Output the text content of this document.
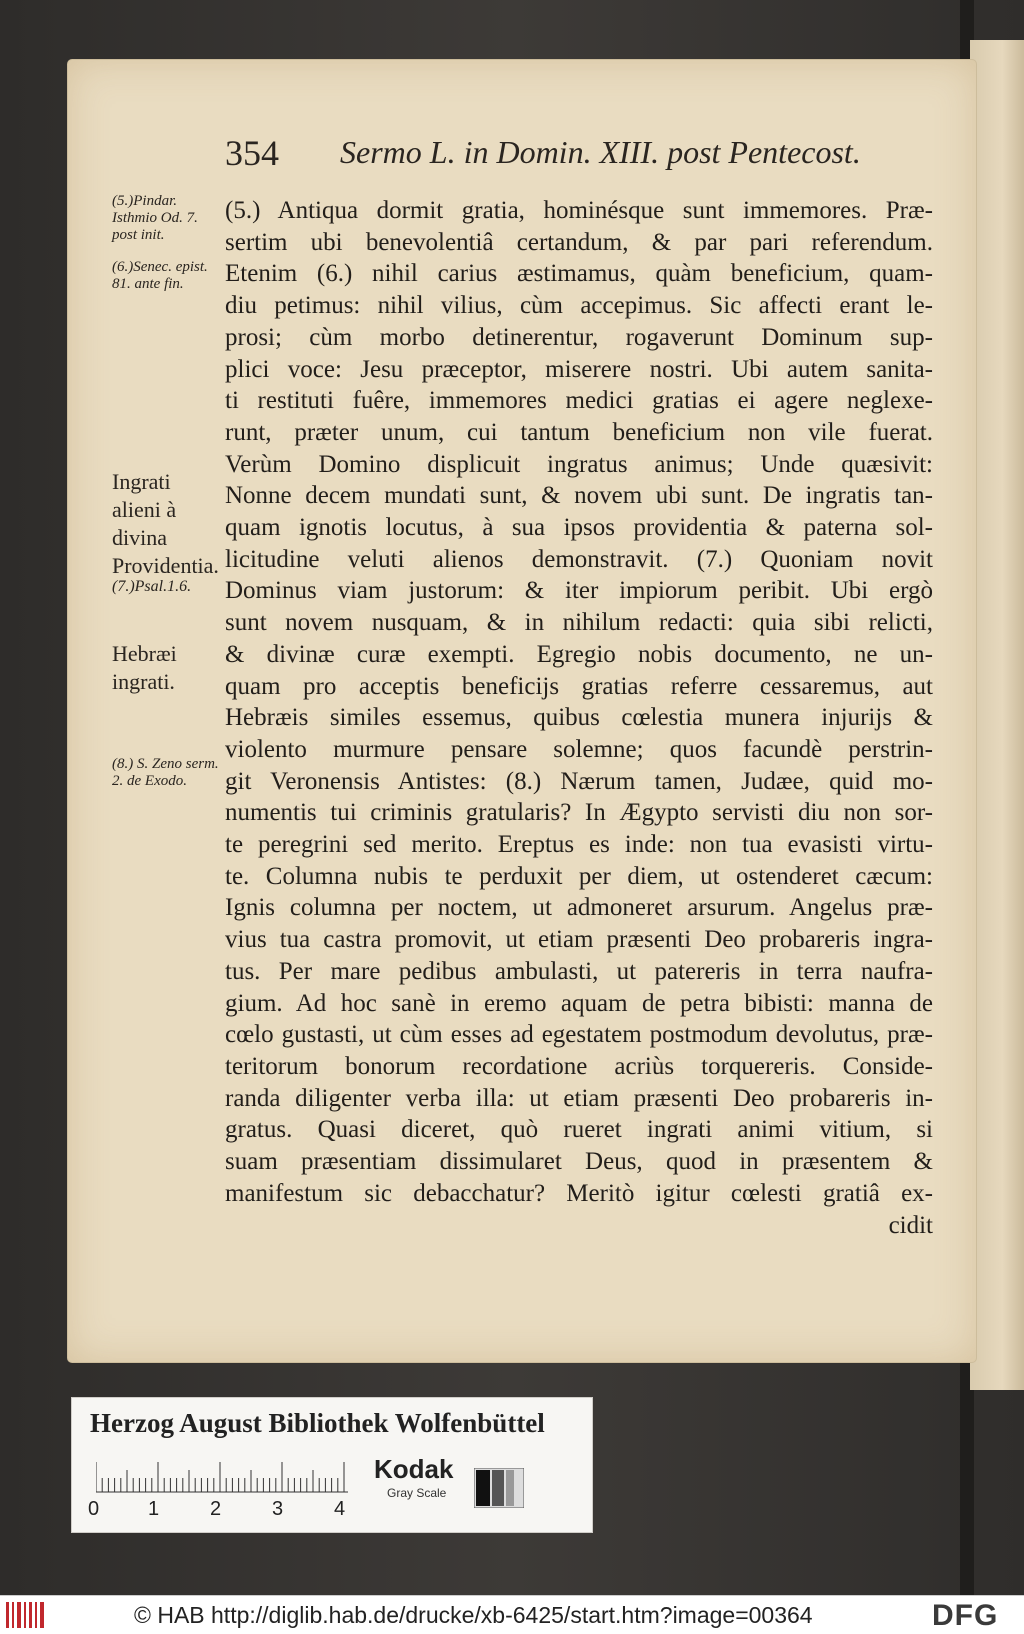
354 Sermo L. in Domin. XIII. post Pentecost.
(5.)Pindar. Isthmio Od. 7. post init.
(6.)Senec. epist. 81. ante fin.
Ingrati alieni à divina Providentia.
(7.)Psal.1.6.
Hebræi ingrati.
(8.) S. Zeno serm. 2. de Exodo.
(5.) Antiqua dormit gratia, hominésque sunt immemores. Præ-
sertim ubi benevolentiâ certandum, & par pari referendum.
Etenim (6.) nihil carius æstimamus, quàm beneficium, quam-
diu petimus: nihil vilius, cùm accepimus. Sic affecti erant le-
prosi; cùm morbo detinerentur, rogaverunt Dominum sup-
plici voce: Jesu præceptor, miserere nostri. Ubi autem sanita-
ti restituti fuêre, immemores medici gratias ei agere neglexe-
runt, præter unum, cui tantum beneficium non vile fuerat.
Verùm Domino displicuit ingratus animus; Unde quæsivit:
Nonne decem mundati sunt, & novem ubi sunt. De ingratis tan-
quam ignotis locutus, à sua ipsos providentia & paterna sol-
licitudine veluti alienos demonstravit. (7.) Quoniam novit
Dominus viam justorum: & iter impiorum peribit. Ubi ergò
sunt novem nusquam, & in nihilum redacti: quia sibi relicti,
& divinæ curæ exempti. Egregio nobis documento, ne un-
quam pro acceptis beneficijs gratias referre cessaremus, aut
Hebræis similes essemus, quibus cœlestia munera injurijs &
violento murmure pensare solemne; quos facundè perstrin-
git Veronensis Antistes: (8.) Nærum tamen, Judæe, quid mo-
numentis tui criminis gratularis? In Ægypto servisti diu non sor-
te peregrini sed merito. Ereptus es inde: non tua evasisti virtu-
te. Columna nubis te perduxit per diem, ut ostenderet cæcum:
Ignis columna per noctem, ut admoneret arsurum. Angelus præ-
vius tua castra promovit, ut etiam præsenti Deo probareris ingra-
tus. Per mare pedibus ambulasti, ut patereris in terra naufra-
gium. Ad hoc sanè in eremo aquam de petra bibisti: manna de
cœlo gustasti, ut cùm esses ad egestatem postmodum devolutus, præ-
teritorum bonorum recordatione acriùs torquereris. Conside-
randa diligenter verba illa: ut etiam præsenti Deo probareris in-
gratus. Quasi diceret, quò rueret ingrati animi vitium, si
suam præsentiam dissimularet Deus, quod in præsentem &
manifestum sic debacchatur? Meritò igitur cœlesti gratiâ ex-
cidit
Herzog August Bibliothek Wolfenbüttel
0 1	2	3	4
Kodak
Gray Scale
© HAB http://diglib.hab.de/drucke/xb-6425/start.htm?image=00364	DFG
